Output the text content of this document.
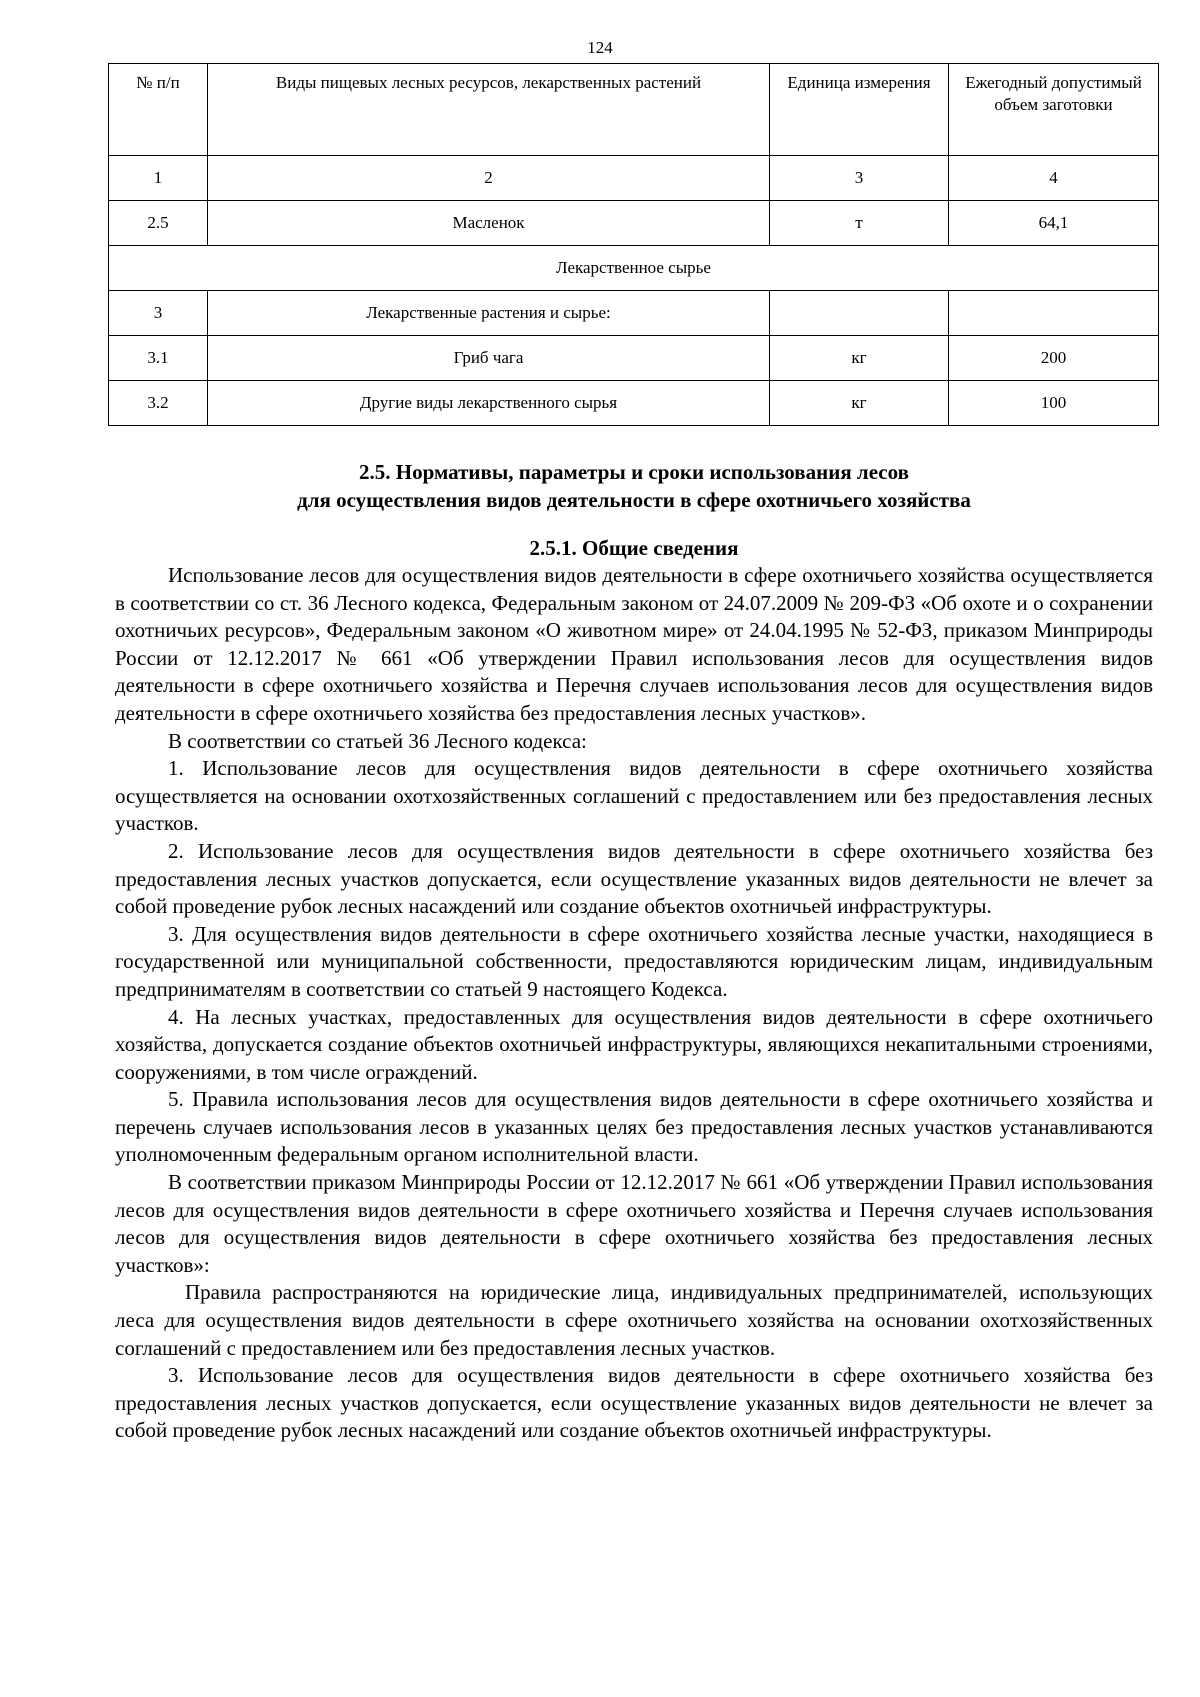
124
№ п/п	Виды пищевых лесных ресурсов, лекарственных растений	Единица измерения	Ежегодный допустимый объем заготовки
1	2	3	4
2.5	Масленок	т	64,1
Лекарственное сырье			
3	Лекарственные растения и сырье:		
3.1	Гриб чага	кг	200
3.2	Другие виды лекарственного сырья	кг	100
2.5. Нормативы, параметры и сроки использования лесов
для осуществления видов деятельности в сфере охотничьего хозяйства
2.5.1. Общие сведения

Использование лесов для осуществления видов деятельности в сфере охотничьего хозяйства осуществляется в соответствии со ст. 36 Лесного кодекса, Федеральным законом от 24.07.2009 № 209-ФЗ «Об охоте и о сохранении охотничьих ресурсов», Федеральным законом «О животном мире» от 24.04.1995 № 52-ФЗ, приказом Минприроды России от 12.12.2017 № 661 «Об утверждении Правил использования лесов для осуществления видов деятельности в сфере охотничьего хозяйства и Перечня случаев использования лесов для осуществления видов деятельности в сфере охотничьего хозяйства без предоставления лесных участков».

В соответствии со статьей 36 Лесного кодекса:

1. Использование лесов для осуществления видов деятельности в сфере охотничьего хозяйства осуществляется на основании охотхозяйственных соглашений с предоставлением или без предоставления лесных участков.

2. Использование лесов для осуществления видов деятельности в сфере охотничьего хозяйства без предоставления лесных участков допускается, если осуществление указанных видов деятельности не влечет за собой проведение рубок лесных насаждений или создание объектов охотничьей инфраструктуры.

3. Для осуществления видов деятельности в сфере охотничьего хозяйства лесные участки, находящиеся в государственной или муниципальной собственности, предоставляются юридическим лицам, индивидуальным предпринимателям в соответствии со статьей 9 настоящего Кодекса.

4. На лесных участках, предоставленных для осуществления видов деятельности в сфере охотничьего хозяйства, допускается создание объектов охотничьей инфраструктуры, являющихся некапитальными строениями, сооружениями, в том числе ограждений.

5. Правила использования лесов для осуществления видов деятельности в сфере охотничьего хозяйства и перечень случаев использования лесов в указанных целях без предоставления лесных участков устанавливаются уполномоченным федеральным органом исполнительной власти.

В соответствии приказом Минприроды России от 12.12.2017 № 661 «Об утверждении Правил использования лесов для осуществления видов деятельности в сфере охотничьего хозяйства и Перечня случаев использования лесов для осуществления видов деятельности в сфере охотничьего хозяйства без предоставления лесных участков»:

Правила распространяются на юридические лица, индивидуальных предпринимателей, использующих леса для осуществления видов деятельности в сфере охотничьего хозяйства на основании охотхозяйственных соглашений с предоставлением или без предоставления лесных участков.

3. Использование лесов для осуществления видов деятельности в сфере охотничьего хозяйства без предоставления лесных участков допускается, если осуществление указанных видов деятельности не влечет за собой проведение рубок лесных насаждений или создание объектов охотничьей инфраструктуры.
